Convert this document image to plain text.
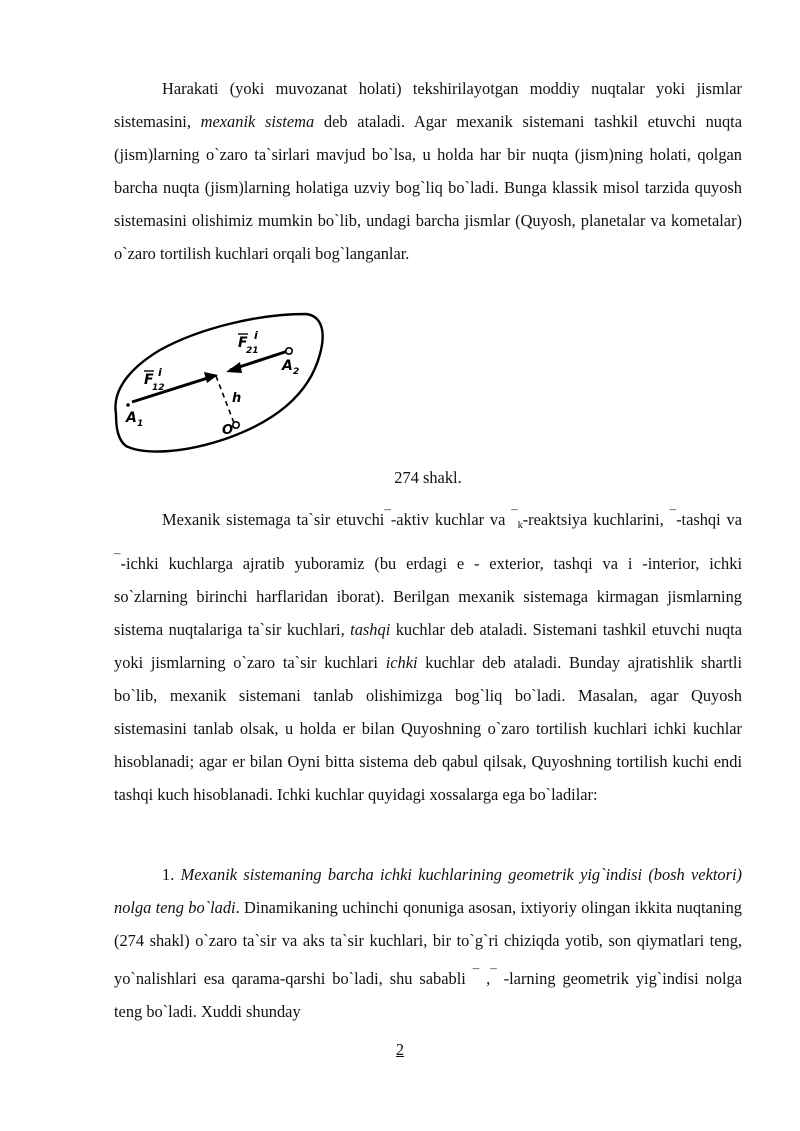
Harakati (yoki muvozanat holati) tekshirilayotgan moddiy nuqtalar yoki jismlar sistemasini, mexanik sistema deb ataladi. Agar mexanik sistemani tashkil etuvchi nuqta (jism)larning o`zaro ta`sirlari mavjud bo`lsa, u holda har bir nuqta (jism)ning holati, qolgan barcha nuqta (jism)larning holatiga uzviy bog`liq bo`ladi. Bunga klassik misol tarzida quyosh sistemasini olishimiz mumkin bo`lib, undagi barcha jismlar (Quyosh, planetalar va kometalar) o`zaro tortilish kuchlari orqali bog`langanlar.

F i
12
F i
21
A 1
A 2
h
O
274 shakl.

Mexanik sistemaga ta`sir etuvchi¯-aktiv kuchlar va ¯$_k$-reaktsiya kuchlarini, ¯-tashqi va ¯-ichki kuchlarga ajratib yuboramiz (bu erdagi e - exterior, tashqi va i -interior, ichki so`zlarning birinchi harflaridan iborat). Berilgan mexanik sistemaga kirmagan jismlarning sistema nuqtalariga ta`sir kuchlari, tashqi kuchlar deb ataladi. Sistemani tashkil etuvchi nuqta yoki jismlarning o`zaro ta`sir kuchlari ichki kuchlar deb ataladi. Bunday ajratishlik shartli bo`lib, mexanik sistemani tanlab olishimizga bog`liq bo`ladi. Masalan, agar Quyosh sistemasini tanlab olsak, u holda er bilan Quyoshning o`zaro tortilish kuchlari ichki kuchlar hisoblanadi; agar er bilan Oyni bitta sistema deb qabul qilsak, Quyoshning tortilish kuchi endi tashqi kuch hisoblanadi. Ichki kuchlar quyidagi xossalarga ega bo`ladilar:

1. Mexanik sistemaning barcha ichki kuchlarining geometrik yig`indisi (bosh vektori) nolga teng bo`ladi. Dinamikaning uchinchi qonuniga asosan, ixtiyoriy olingan ikkita nuqtaning (274 shakl) o`zaro ta`sir va aks ta`sir kuchlari, bir to`g`ri chiziqda yotib, son qiymatlari teng, yo`nalishlari esa qarama-qarshi bo`ladi, shu sababli ¯ ,¯ -larning geometrik yig`indisi nolga teng bo`ladi. Xuddi shunday

2
